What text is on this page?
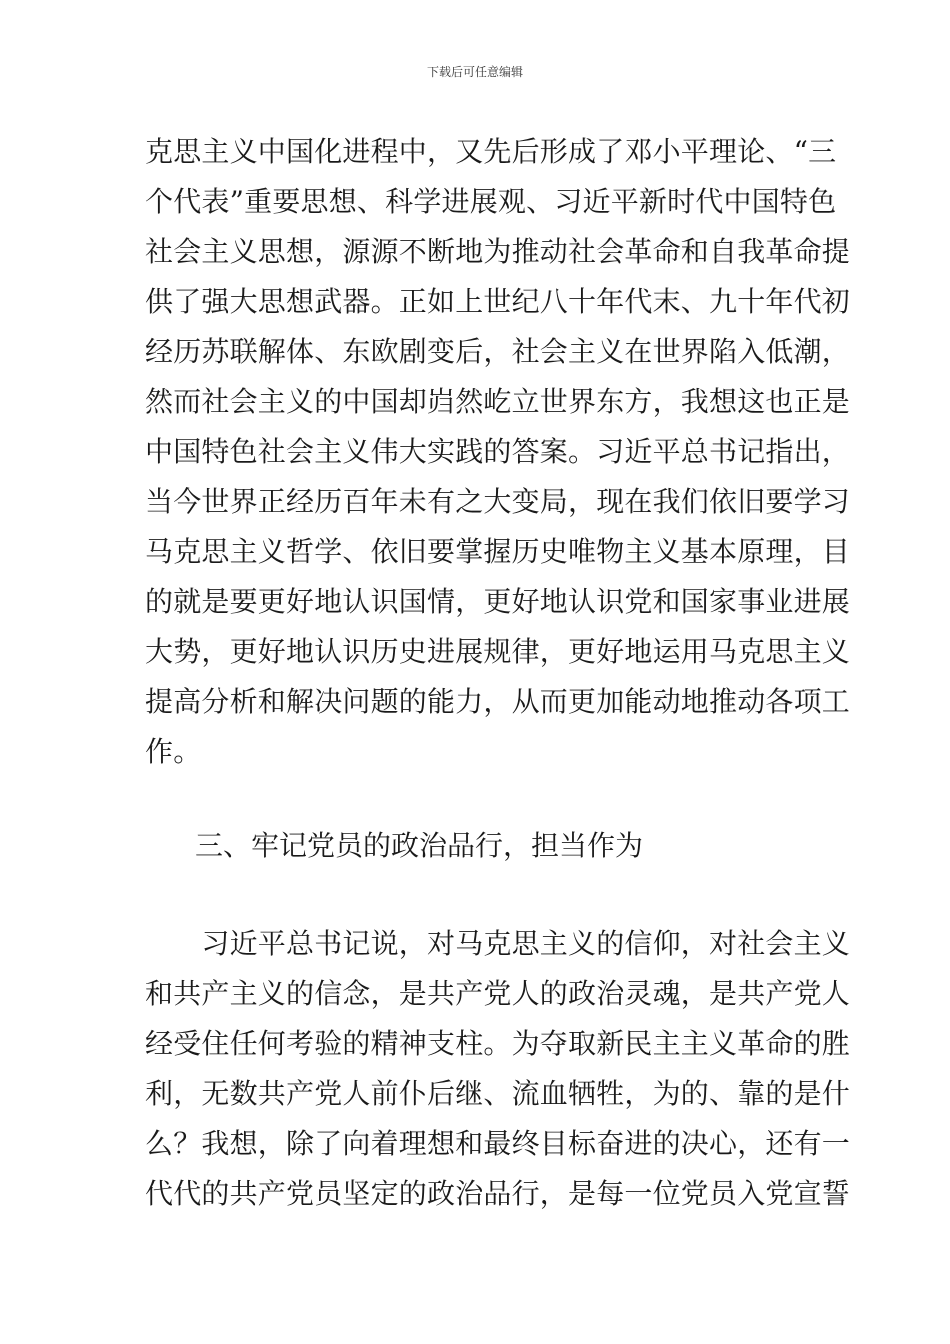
下载后可任意编辑
克思主义中国化进程中，又先后形成了邓小平理论、“三
个代表”重要思想、科学进展观、习近平新时代中国特色
社会主义思想，源源不断地为推动社会革命和自我革命提
供了强大思想武器。正如上世纪八十年代末、九十年代初
经历苏联解体、东欧剧变后，社会主义在世界陷入低潮，
然而社会主义的中国却岿然屹立世界东方，我想这也正是
中国特色社会主义伟大实践的答案。习近平总书记指出，
当今世界正经历百年未有之大变局，现在我们依旧要学习
马克思主义哲学、依旧要掌握历史唯物主义基本原理，目
的就是要更好地认识国情，更好地认识党和国家事业进展
大势，更好地认识历史进展规律，更好地运用马克思主义
提高分析和解决问题的能力，从而更加能动地推动各项工
作。
三、牢记党员的政治品行，担当作为
　　习近平总书记说，对马克思主义的信仰，对社会主义
和共产主义的信念，是共产党人的政治灵魂，是共产党人
经受住任何考验的精神支柱。为夺取新民主主义革命的胜
利，无数共产党人前仆后继、流血牺牲，为的、靠的是什
么？我想，除了向着理想和最终目标奋进的决心，还有一
代代的共产党员坚定的政治品行，是每一位党员入党宣誓
